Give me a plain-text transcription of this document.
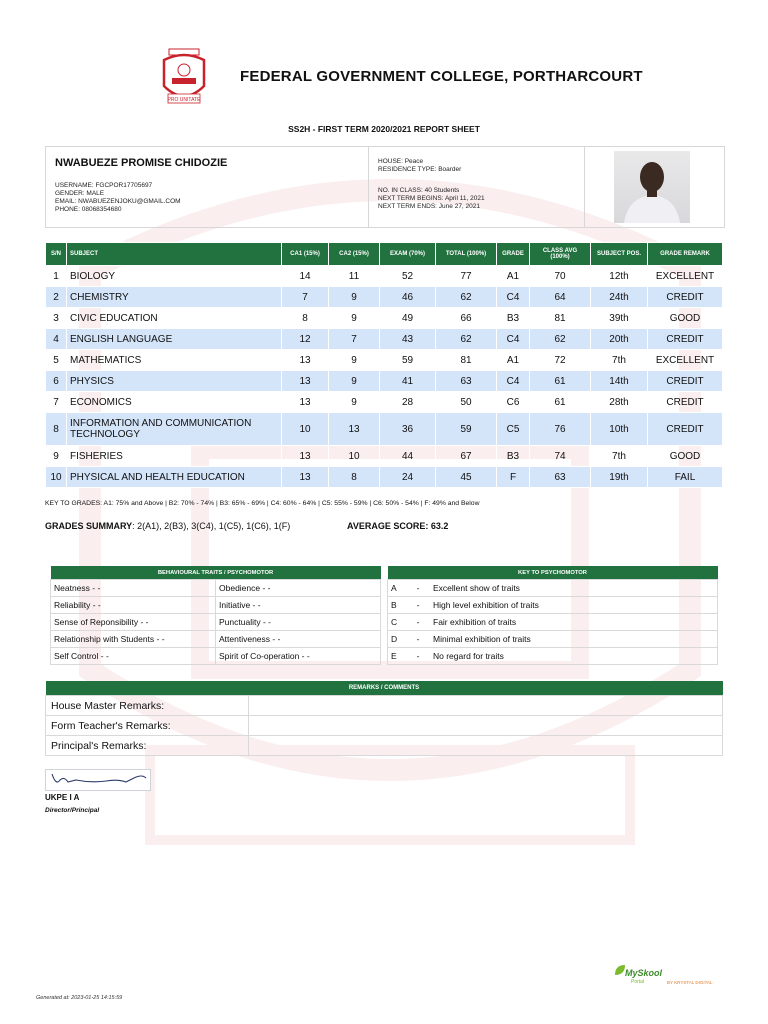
PRO UNITATE
FEDERAL GOVERNMENT COLLEGE, PORTHARCOURT
SS2H - FIRST TERM 2020/2021 REPORT SHEET
NWABUEZE PROMISE CHIDOZIE
USERNAME: FGCPOR17705697
GENDER: MALE
EMAIL: NWABUEZENJOKU@GMAIL.COM
PHONE: 08068354680
HOUSE: Peace
RESIDENCE TYPE: Boarder
NO. IN CLASS: 40 Students
NEXT TERM BEGINS: April 11, 2021
NEXT TERM ENDS: June 27, 2021
S/N	SUBJECT	CA1 (15%)	CA2 (15%)	EXAM (70%)	TOTAL (100%)	GRADE	CLASS AVG (100%)	SUBJECT POS.	GRADE REMARK
1	BIOLOGY	14	11	52	77	A1	70	12th	EXCELLENT
2	CHEMISTRY	7	9	46	62	C4	64	24th	CREDIT
3	CIVIC EDUCATION	8	9	49	66	B3	81	39th	GOOD
4	ENGLISH LANGUAGE	12	7	43	62	C4	62	20th	CREDIT
5	MATHEMATICS	13	9	59	81	A1	72	7th	EXCELLENT
6	PHYSICS	13	9	41	63	C4	61	14th	CREDIT
7	ECONOMICS	13	9	28	50	C6	61	28th	CREDIT
8	INFORMATION AND COMMUNICATION TECHNOLOGY	10	13	36	59	C5	76	10th	CREDIT
9	FISHERIES	13	10	44	67	B3	74	7th	GOOD
10	PHYSICAL AND HEALTH EDUCATION	13	8	24	45	F	63	19th	FAIL
KEY TO GRADES: A1: 75% and Above | B2: 70% - 74% | B3: 65% - 69% | C4: 60% - 64% | C5: 55% - 59% | C6: 50% - 54% | F: 49% and Below
GRADES SUMMARY: 2(A1), 2(B3), 3(C4), 1(C5), 1(C6), 1(F)	AVERAGE SCORE: 63.2
BEHAVIOURAL TRAITS / PSYCHOMOTOR	
Neatness - -	Obedience - -
Reliability - -	Initiative - -
Sense of Reponsibility - -	Punctuality - -
Relationship with Students - -	Attentiveness - -
Self Control - -	Spirit of Co-operation - -
KEY TO PSYCHOMOTOR		
A	-	Excellent show of traits
B	-	High level exhibition of traits
C	-	Fair exhibition of traits
D	-	Minimal exhibition of traits
E	-	No regard for traits
REMARKS / COMMENTS	
House Master Remarks:	
Form Teacher's Remarks:	
Principal's Remarks:	
UKPE I A
Director/Principal
Generated at: 2023-01-25 14:15:59
MySkool
Portal	BY KRYSTAL DIGITAL
